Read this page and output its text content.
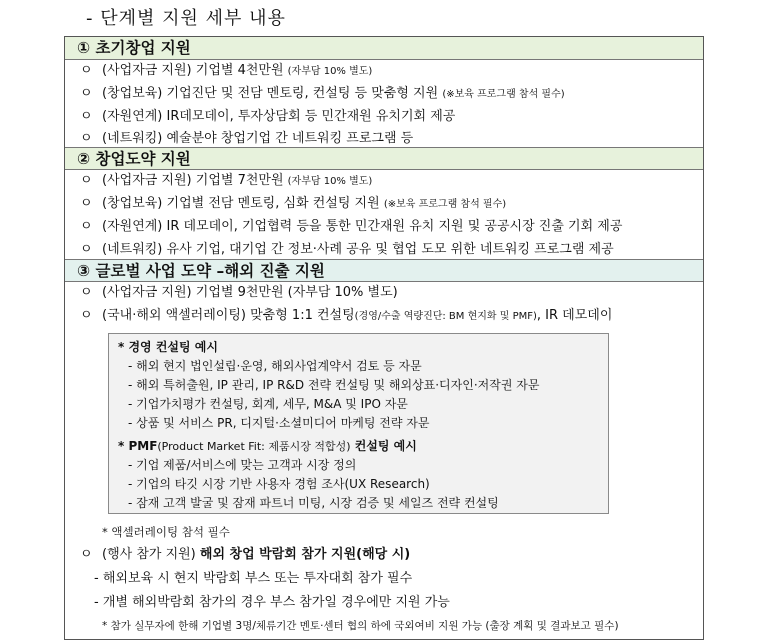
- 단계별 지원 세부 내용
① 초기창업 지원
ㅇ (사업자금 지원) 기업별 4천만원 (자부담 10% 별도)
ㅇ (창업보육) 기업진단 및 전담 멘토링, 컨설팅 등 맞춤형 지원 (※보육 프로그램 참석 필수)
ㅇ (자원연계) IR데모데이, 투자상담회 등 민간재원 유치기회 제공
ㅇ (네트워킹) 예술분야 창업기업 간 네트워킹 프로그램 등
② 창업도약 지원
ㅇ (사업자금 지원) 기업별 7천만원 (자부담 10% 별도)
ㅇ (창업보육) 기업별 전담 멘토링, 심화 컨설팅 지원 (※보육 프로그램 참석 필수)
ㅇ (자원연계) IR 데모데이, 기업협력 등을 통한 민간재원 유치 지원 및 공공시장 진출 기회 제공
ㅇ (네트워킹) 유사 기업, 대기업 간 정보·사례 공유 및 협업 도모 위한 네트워킹 프로그램 제공
③ 글로벌 사업 도약 –해외 진출 지원
ㅇ (사업자금 지원) 기업별 9천만원 (자부담 10% 별도)
ㅇ (국내·해외 액셀러레이팅) 맞춤형 1:1 컨설팅(경영/수출 역량진단: BM 현지화 및 PMF), IR 데모데이
* 경영 컨설팅 예시
- 해외 현지 법인설립·운영, 해외사업계약서 검토 등 자문
- 해외 특허출원, IP 관리, IP R&D 전략 컨설팅 및 해외상표·디자인·저작권 자문
- 기업가치평가 컨설팅, 회계, 세무, M&A 및 IPO 자문
- 상품 및 서비스 PR, 디지털·소셜미디어 마케팅 전략 자문
* PMF(Product Market Fit: 제품시장 적합성) 컨설팅 예시
- 기업 제품/서비스에 맞는 고객과 시장 정의
- 기업의 타깃 시장 기반 사용자 경험 조사(UX Research)
- 잠재 고객 발굴 및 잠재 파트너 미팅, 시장 검증 및 세일즈 전략 컨설팅
* 액셀러레이팅 참석 필수
ㅇ (행사 참가 지원) 해외 창업 박람회 참가 지원(해당 시)
- 해외보육 시 현지 박람회 부스 또는 투자대회 참가 필수
- 개별 해외박람회 참가의 경우 부스 참가일 경우에만 지원 가능
* 참가 실무자에 한해 기업별 3명/체류기간 멘토·센터 협의 하에 국외여비 지원 가능 (출장 계획 및 결과보고 필수)
